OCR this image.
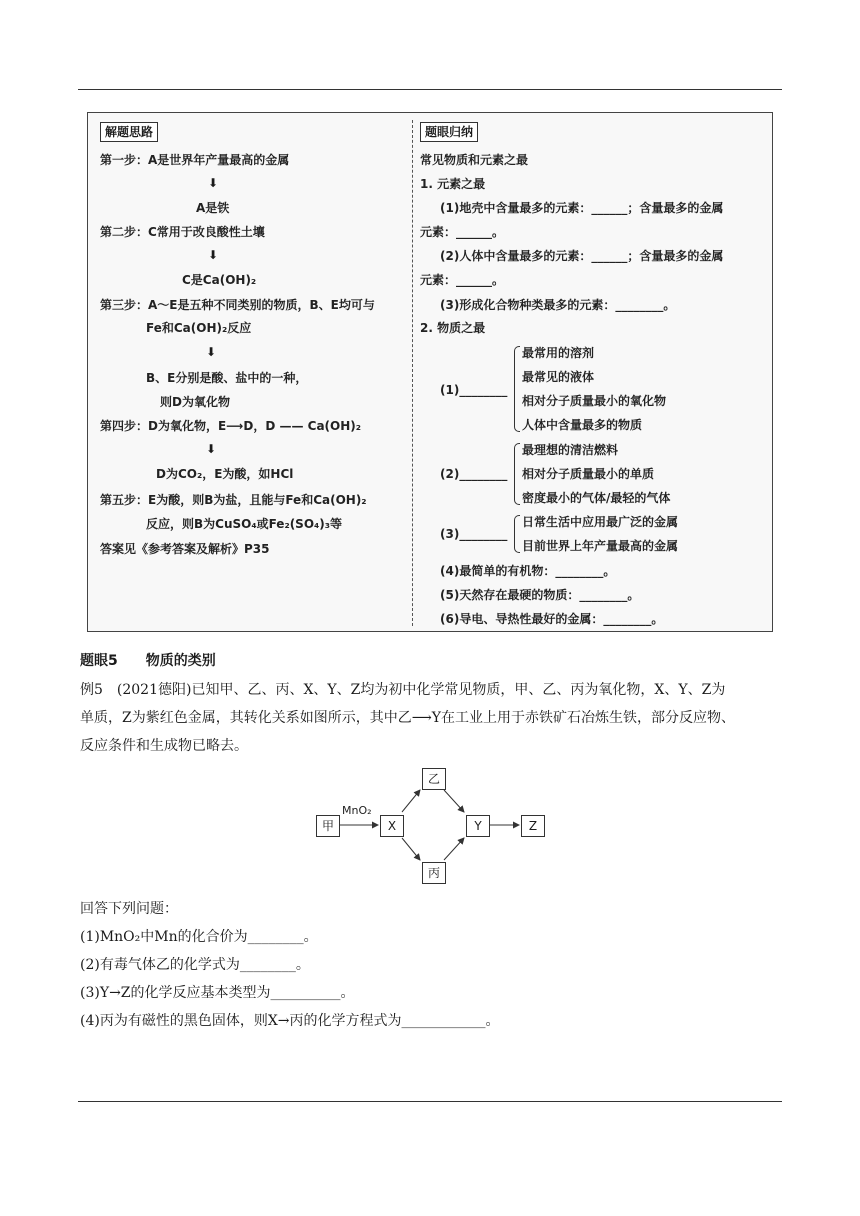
解题思路	题眼归纳
第一步：A是世界年产量最高的金属
⬇
A是铁
第二步：C常用于改良酸性土壤
⬇
C是Ca(OH)₂
第三步：A～E是五种不同类别的物质，B、E均可与
Fe和Ca(OH)₂反应
⬇
B、E分别是酸、盐中的一种，
则D为氧化物
第四步：D为氧化物，E⟶D，D —— Ca(OH)₂
⬇
D为CO₂，E为酸，如HCl
第五步：E为酸，则B为盐，且能与Fe和Ca(OH)₂
反应，则B为CuSO₄或Fe₂(SO₄)₃等
答案见《参考答案及解析》P35
常见物质和元素之最
1. 元素之最
(1)地壳中含量最多的元素：______；含量最多的金属
元素：______。
(2)人体中含量最多的元素：______；含量最多的金属
元素：______。
(3)形成化合物种类最多的元素：________。
2. 物质之最
(1)________
最常用的溶剂
最常见的液体
相对分子质量最小的氧化物
人体中含量最多的物质
(2)________
最理想的清洁燃料
相对分子质量最小的单质
密度最小的气体/最轻的气体
(3)________
日常生活中应用最广泛的金属
目前世界上年产量最高的金属
(4)最简单的有机物：________。
(5)天然存在最硬的物质：________。
(6)导电、导热性最好的金属：________。
题眼5　　物质的类别
例5　(2021德阳)已知甲、乙、丙、X、Y、Z均为初中化学常见物质，甲、乙、丙为氧化物，X、Y、Z为
单质，Z为紫红色金属，其转化关系如图所示，其中乙⟶Y在工业上用于赤铁矿石冶炼生铁，部分反应物、
反应条件和生成物已略去。
甲
MnO₂
X
乙
丙
Y	Z
回答下列问题：
(1)MnO₂中Mn的化合价为________。
(2)有毒气体乙的化学式为________。
(3)Y→Z的化学反应基本类型为__________。
(4)丙为有磁性的黑色固体，则X→丙的化学方程式为____________。
